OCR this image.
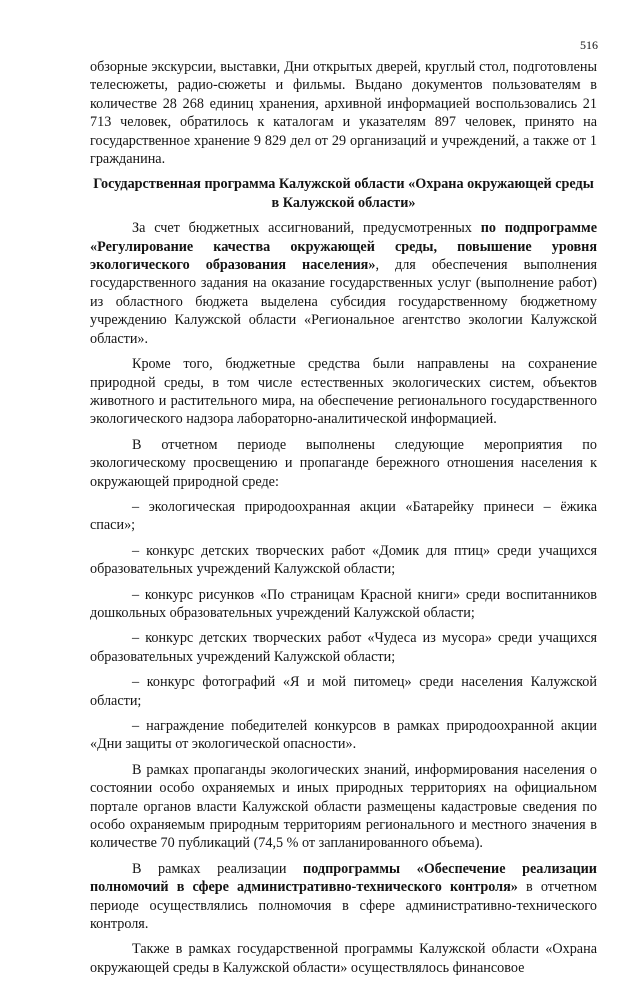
516

обзорные экскурсии, выставки, Дни открытых дверей, круглый стол, подготовлены телесюжеты, радио-сюжеты и фильмы. Выдано документов пользователям в количестве 28 268 единиц хранения, архивной информацией воспользовались 21 713 человек, обратилось к каталогам и указателям 897 человек, принято на государственное хранение 9 829 дел от 29 организаций и учреждений, а также от 1 гражданина.

Государственная программа Калужской области «Охрана окружающей среды в Калужской области»

За счет бюджетных ассигнований, предусмотренных по подпрограмме «Регулирование качества окружающей среды, повышение уровня экологического образования населения», для обеспечения выполнения государственного задания на оказание государственных услуг (выполнение работ) из областного бюджета выделена субсидия государственному бюджетному учреждению Калужской области «Региональное агентство экологии Калужской области».

Кроме того, бюджетные средства были направлены на сохранение природной среды, в том числе естественных экологических систем, объектов животного и растительного мира, на обеспечение регионального государственного экологического надзора лабораторно-аналитической информацией.

В отчетном периоде выполнены следующие мероприятия по экологическому просвещению и пропаганде бережного отношения населения к окружающей природной среде:

– экологическая природоохранная акции «Батарейку принеси – ёжика спаси»;

– конкурс детских творческих работ «Домик для птиц» среди учащихся образовательных учреждений Калужской области;

– конкурс рисунков «По страницам Красной книги» среди воспитанников дошкольных образовательных учреждений Калужской области;

– конкурс детских творческих работ «Чудеса из мусора» среди учащихся образовательных учреждений Калужской области;

– конкурс фотографий «Я и мой питомец» среди населения Калужской области;

– награждение победителей конкурсов в рамках природоохранной акции «Дни защиты от экологической опасности».

В рамках пропаганды экологических знаний, информирования населения о состоянии особо охраняемых и иных природных территориях на официальном портале органов власти Калужской области размещены кадастровые сведения по особо охраняемым природным территориям регионального и местного значения в количестве 70 публикаций (74,5 % от запланированного объема).

В рамках реализации подпрограммы «Обеспечение реализации полномочий в сфере административно-технического контроля» в отчетном периоде осуществлялись полномочия в сфере административно-технического контроля.

Также в рамках государственной программы Калужской области «Охрана окружающей среды в Калужской области» осуществлялось финансовое
